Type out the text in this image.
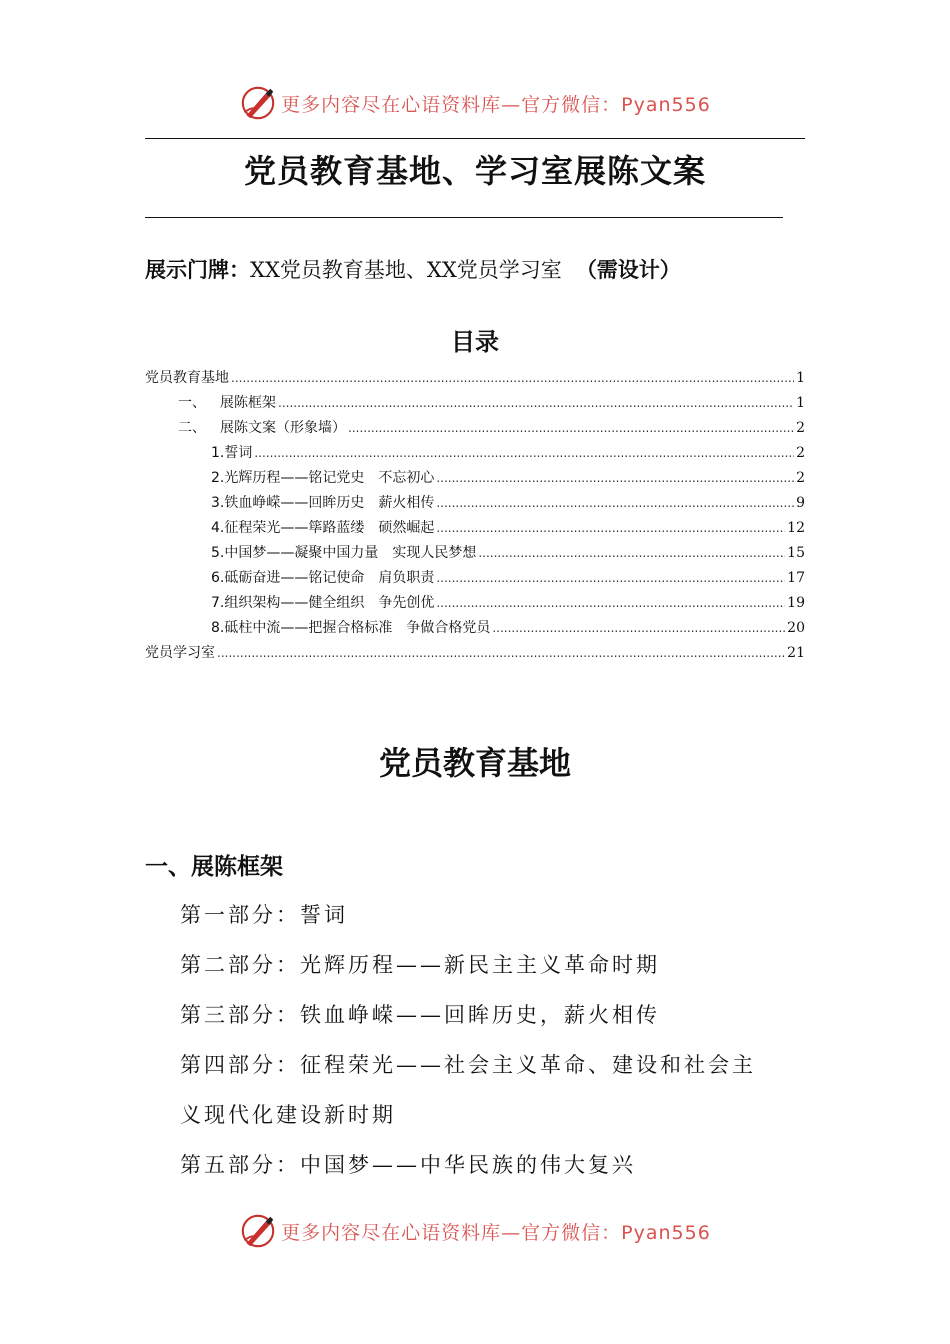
更多内容尽在心语资料库—官方微信：Pyan556
党员教育基地、学习室展陈文案
展示门牌：XX党员教育基地、XX党员学习室 （需设计）
目录
党员教育基地 .....	1
一、	展陈框架 .....	1
二、	展陈文案（形象墙） .....	2
1.誓词 .....	2
2.光辉历程——铭记党史　不忘初心 .....	2
3.铁血峥嵘——回眸历史　薪火相传 .....	9
4.征程荣光——筚路蓝缕　硕然崛起 .....	12
5.中国梦——凝聚中国力量　实现人民梦想 .....	15
6.砥砺奋进——铭记使命　肩负职责 .....	17
7.组织架构——健全组织　争先创优 .....	19
8.砥柱中流——把握合格标准　争做合格党员 .....	20
党员学习室 .....	21
党员教育基地
一、展陈框架

第一部分：誓词

第二部分：光辉历程——新民主主义革命时期

第三部分：铁血峥嵘——回眸历史，薪火相传

第四部分：征程荣光——社会主义革命、建设和社会主

义现代化建设新时期

第五部分：中国梦——中华民族的伟大复兴

更多内容尽在心语资料库—官方微信：Pyan556
